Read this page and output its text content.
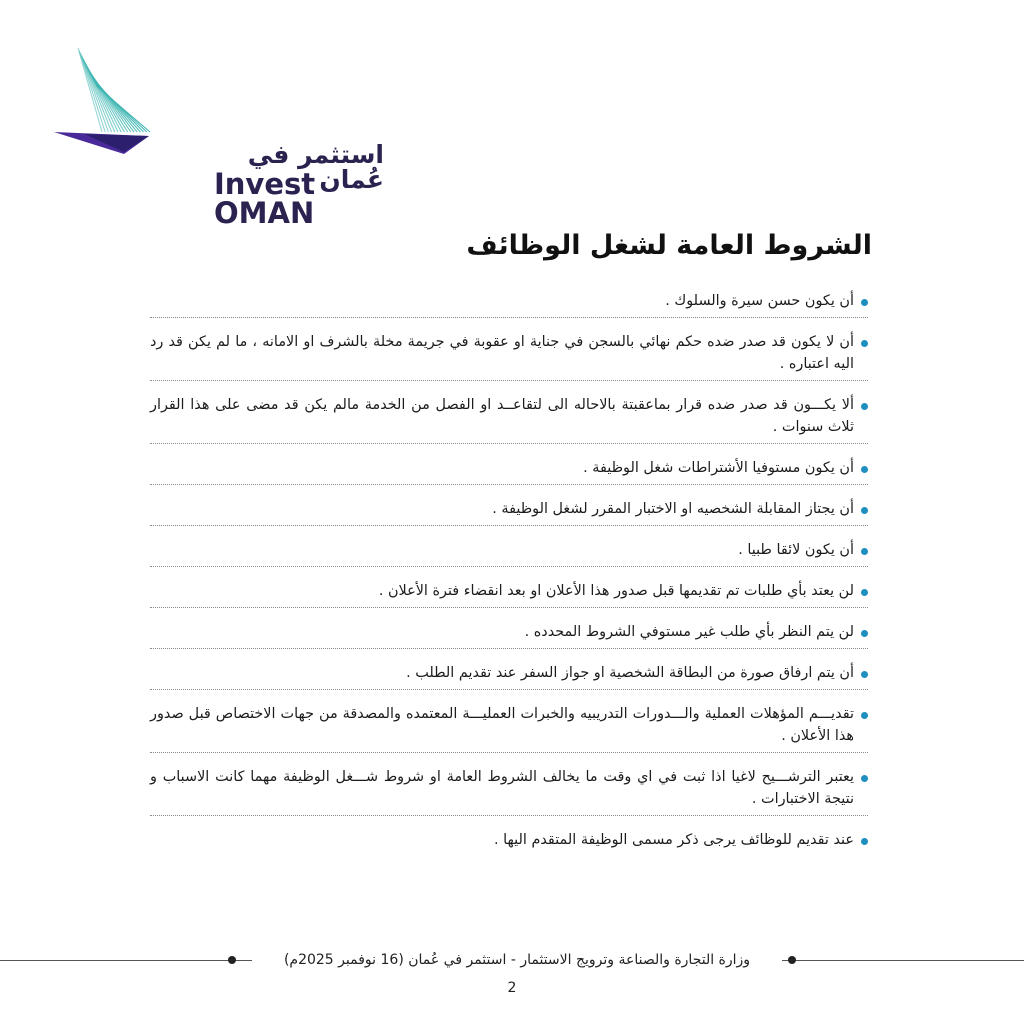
استثمر في عُمان
Invest OMAN
الشروط العامة لشغل الوظائف
أن يكون حسن سيرة والسلوك .
أن لا يكون قد صدر ضده حكم نهائي بالسجن في جناية او عقوبة في جريمة مخلة بالشرف او الامانه ، ما لم يكن قد رد اليه اعتباره .
ألا يكـــون قد صدر ضده قرار بماعقبتة بالاحاله الى لتقاعــد او الفصل من الخدمة مالم يكن قد مضى على هذا القرار ثلاث سنوات .
أن يكون مستوفيا الأشتراطات شغل الوظيفة .
أن يجتاز المقابلة الشخصيه او الاختبار المقرر لشغل الوظيفة .
أن يكون لائقا طبيا .
لن يعتد بأي طلبات تم تقديمها قبل صدور هذا الأعلان او بعد انقضاء فترة الأعلان .
لن يتم النظر بأي طلب غير مستوفي الشروط المحدده .
أن يتم ارفاق صورة من البطاقة الشخصية او جواز السفر عند تقديم الطلب .
تقديـــم المؤهلات العملية والـــدورات التدريبيه والخبرات العمليـــة المعتمده والمصدقة من جهات الاختصاص قبل صدور هذا الأعلان .
يعتبر الترشـــيح لاغيا اذا ثبت في اي وقت ما يخالف الشروط العامة او شروط شـــغل الوظيفة مهما كانت الاسباب و نتيجة الاختبارات .
عند تقديم للوظائف يرجى ذكر مسمى الوظيفة المتقدم اليها .
وزارة التجارة والصناعة وترويج الاستثمار - استثمر في عُمان (16 نوفمبر 2025م)
2
